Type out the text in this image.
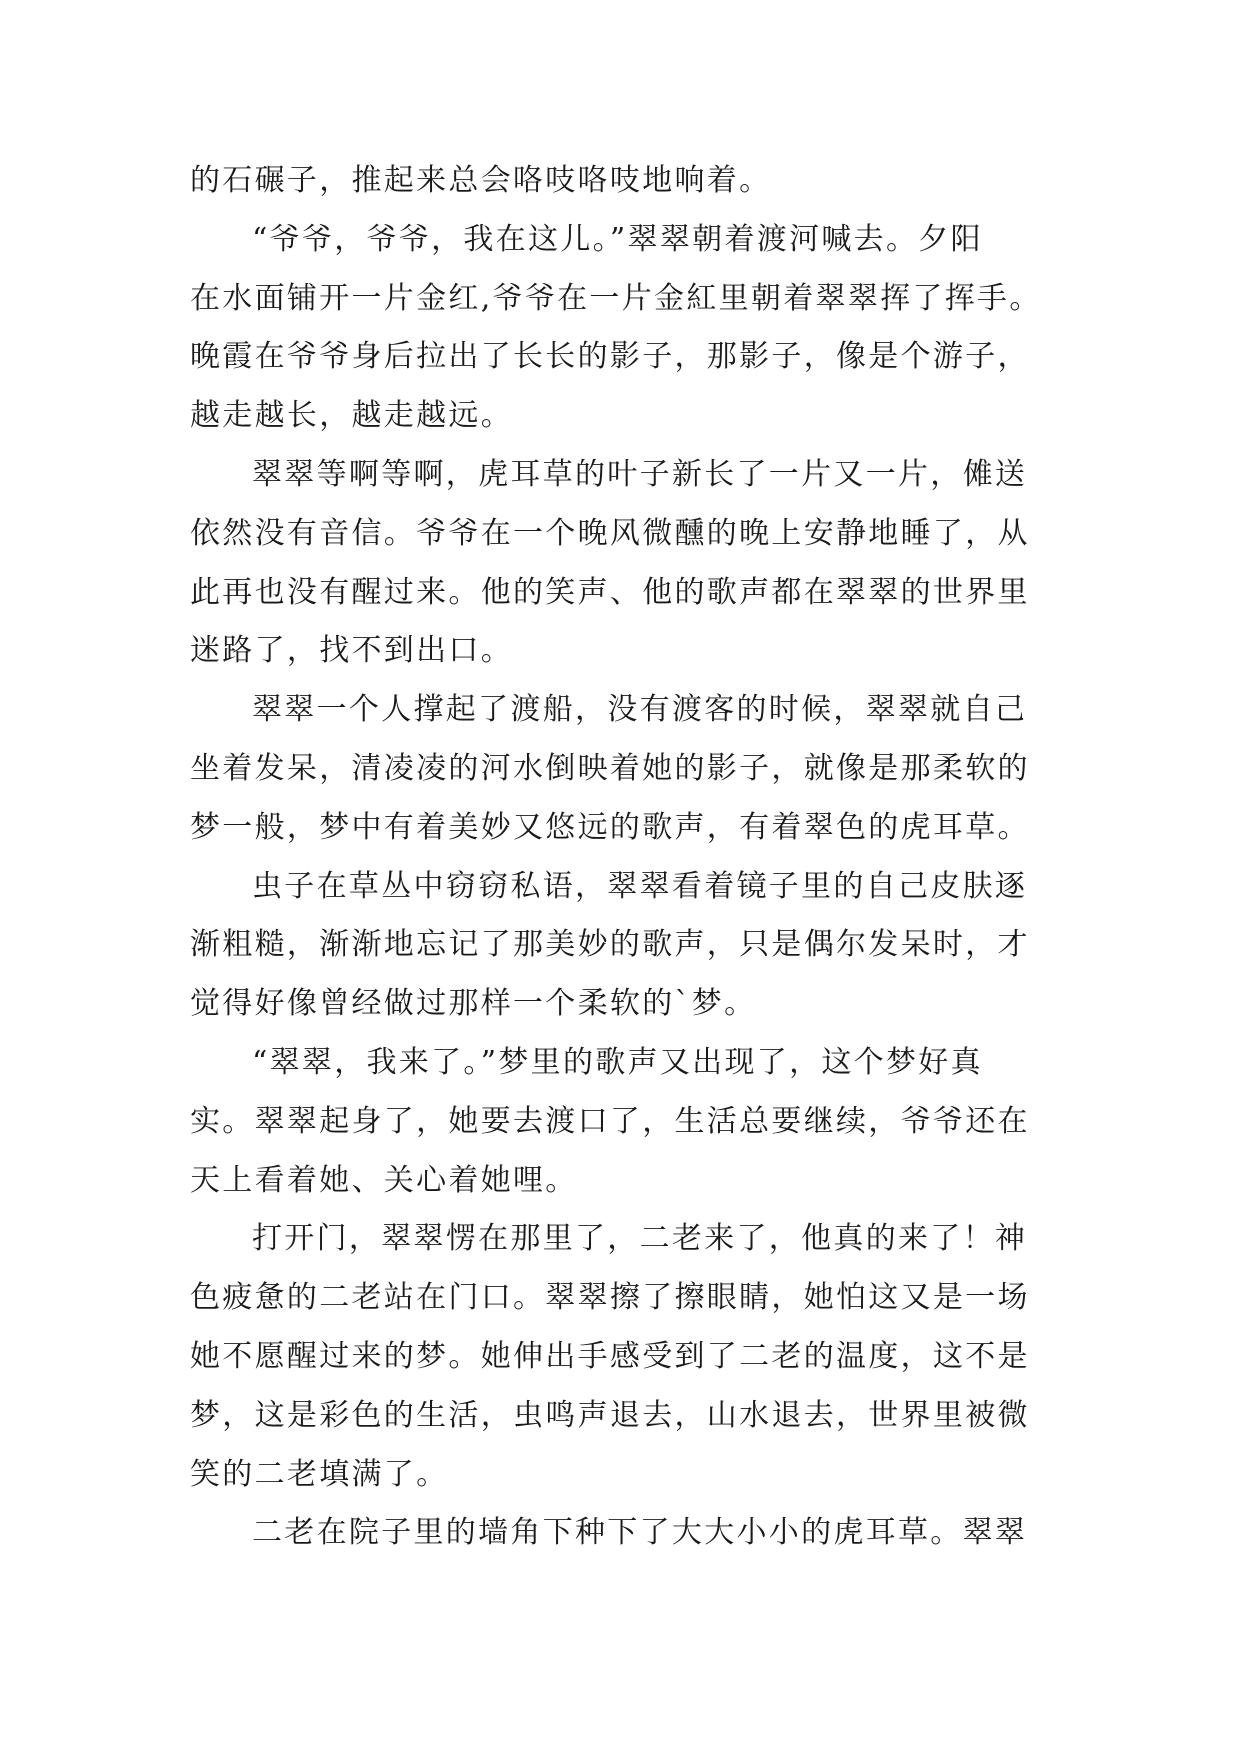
的石碾子，推起来总会咯吱咯吱地响着。
“爷爷，爷爷，我在这儿。”翠翠朝着渡河喊去。夕阳
在水面铺开一片金红,爷爷在一片金紅里朝着翠翠挥了挥手。
晚霞在爷爷身后拉出了长长的影子，那影子，像是个游子，
越走越长，越走越远。
翠翠等啊等啊，虎耳草的叶子新长了一片又一片，傩送
依然没有音信。爷爷在一个晚风微醺的晚上安静地睡了，从
此再也没有醒过来。他的笑声、他的歌声都在翠翠的世界里
迷路了，找不到出口。
翠翠一个人撑起了渡船，没有渡客的时候，翠翠就自己
坐着发呆，清凌凌的河水倒映着她的影子，就像是那柔软的
梦一般，梦中有着美妙又悠远的歌声，有着翠色的虎耳草。
虫子在草丛中窃窃私语，翠翠看着镜子里的自己皮肤逐
渐粗糙，渐渐地忘记了那美妙的歌声，只是偶尔发呆时，才
觉得好像曾经做过那样一个柔软的`梦。
“翠翠，我来了。”梦里的歌声又出现了，这个梦好真
实。翠翠起身了，她要去渡口了，生活总要继续，爷爷还在
天上看着她、关心着她哩。
打开门，翠翠愣在那里了，二老来了，他真的来了！神
色疲惫的二老站在门口。翠翠擦了擦眼睛，她怕这又是一场
她不愿醒过来的梦。她伸出手感受到了二老的温度，这不是
梦，这是彩色的生活，虫鸣声退去，山水退去，世界里被微
笑的二老填满了。
二老在院子里的墙角下种下了大大小小的虎耳草。翠翠
